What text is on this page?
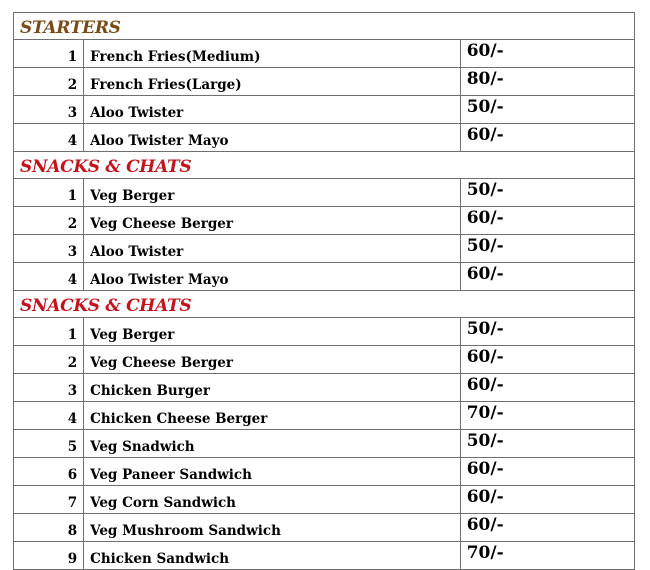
STARTERS		
1	French Fries(Medium)	60/-
2	French Fries(Large)	80/-
3	Aloo Twister	50/-
4	Aloo Twister Mayo	60/-
SNACKS & CHATS		
1	Veg Berger	50/-
2	Veg Cheese Berger	60/-
3	Aloo Twister	50/-
4	Aloo Twister Mayo	60/-
SNACKS & CHATS		
1	Veg Berger	50/-
2	Veg Cheese Berger	60/-
3	Chicken Burger	60/-
4	Chicken Cheese Berger	70/-
5	Veg Snadwich	50/-
6	Veg Paneer Sandwich	60/-
7	Veg Corn Sandwich	60/-
8	Veg Mushroom Sandwich	60/-
9	Chicken Sandwich	70/-
